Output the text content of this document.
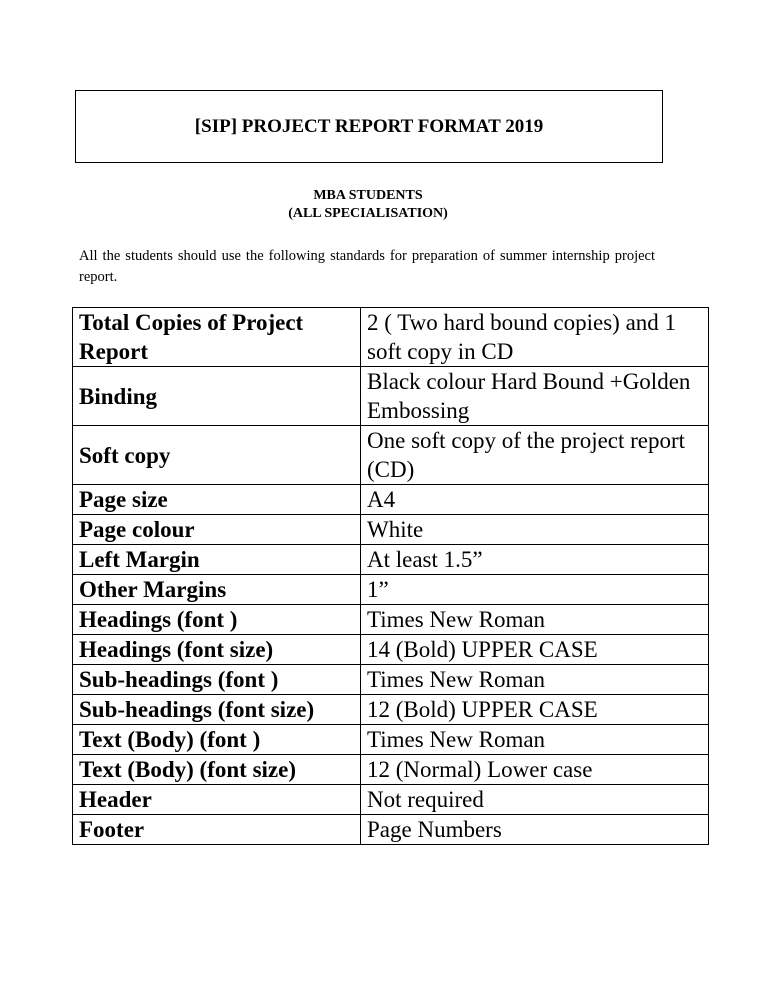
[SIP] PROJECT REPORT FORMAT 2019
MBA STUDENTS
(ALL SPECIALISATION)
All the students should use the following standards for preparation of summer internship project report.
Total Copies of Project Report	2 ( Two hard bound copies) and 1 soft copy in CD
Binding	Black colour Hard Bound +Golden Embossing
Soft copy	One soft copy of the project report (CD)
Page size	A4
Page colour	White
Left Margin	At least 1.5”
Other Margins	1”
Headings (font )	Times New Roman
Headings (font size)	14 (Bold) UPPER CASE
Sub-headings (font )	Times New Roman
Sub-headings (font size)	12 (Bold) UPPER CASE
Text (Body) (font )	Times New Roman
Text (Body) (font size)	12 (Normal) Lower case
Header	Not required
Footer	Page Numbers
